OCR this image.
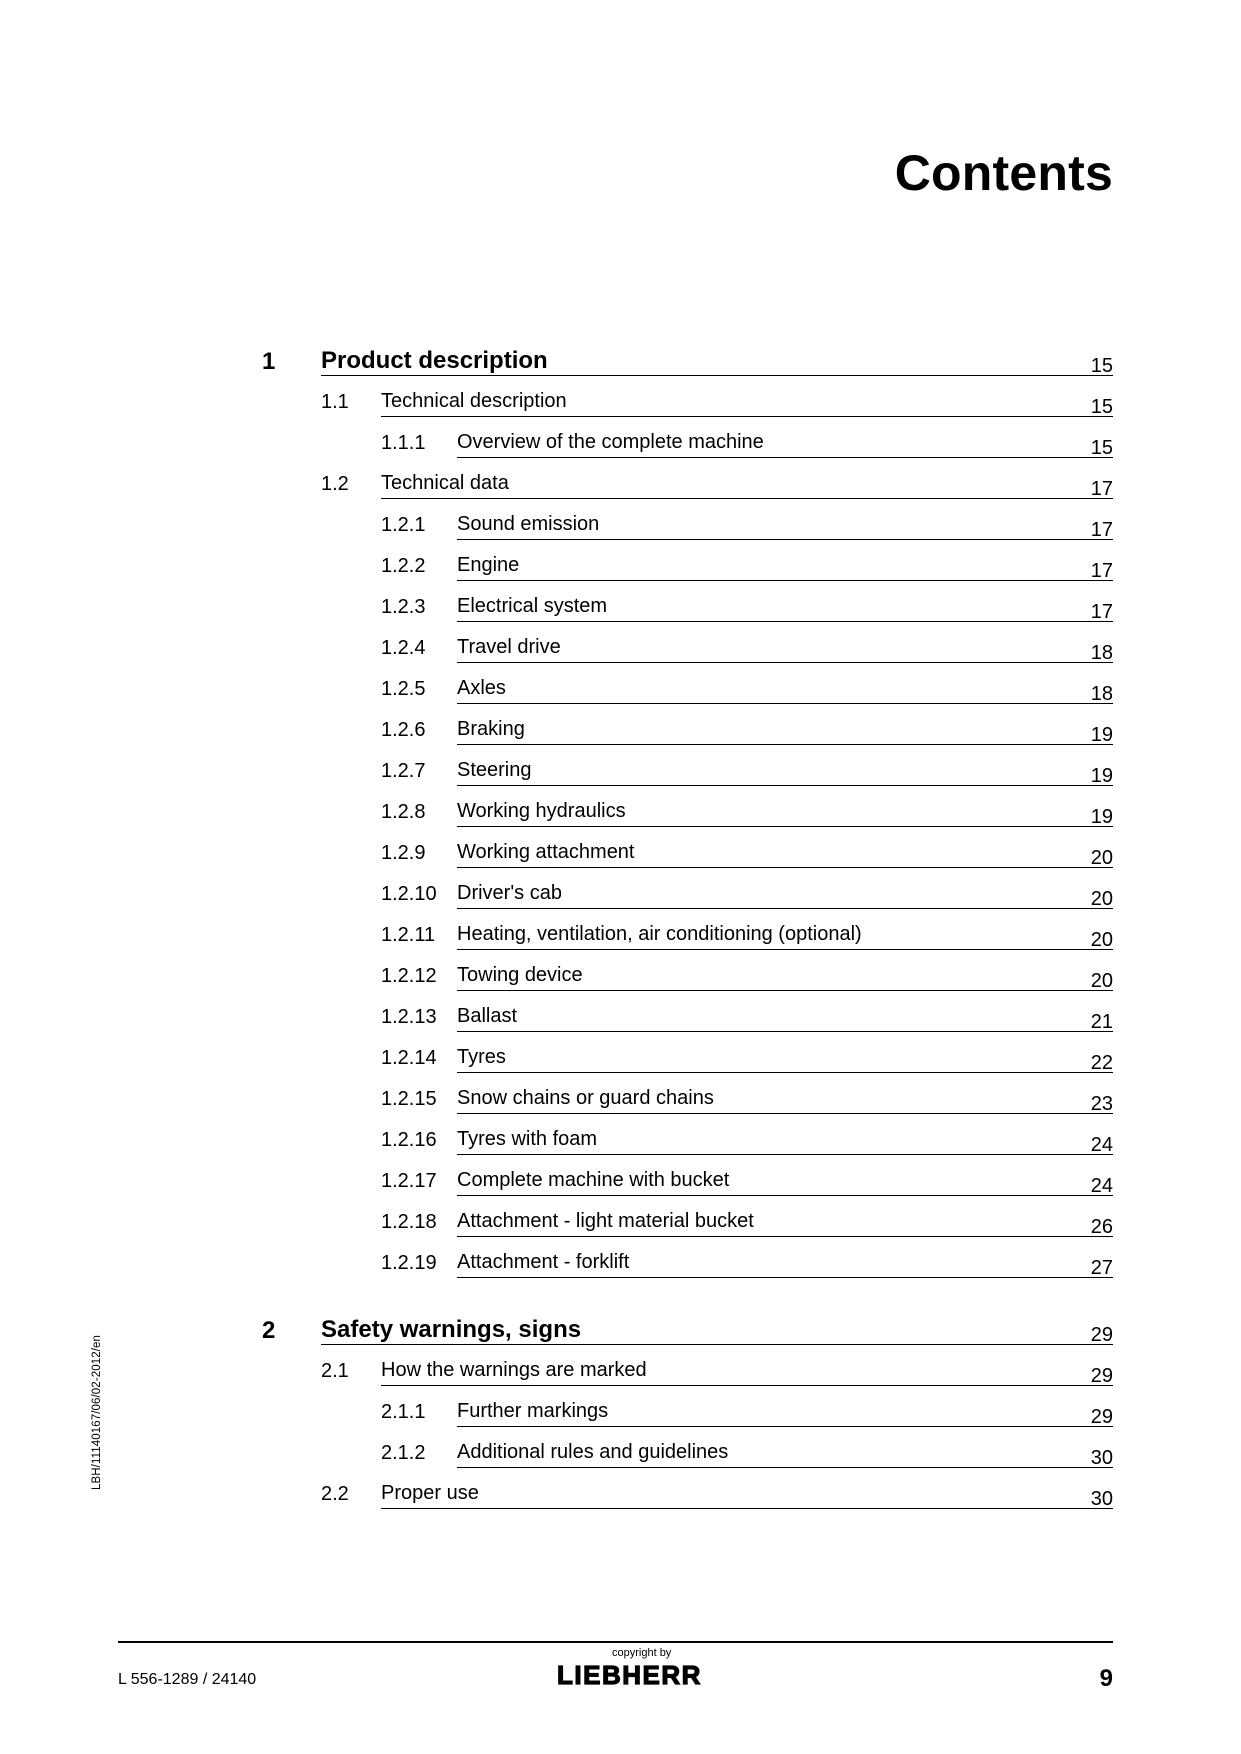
Contents
1 Product description	15
1.1 Technical description	15
1.1.1 Overview of the complete machine	15
1.2 Technical data	17
1.2.1 Sound emission	17
1.2.2 Engine	17
1.2.3 Electrical system	17
1.2.4 Travel drive	18
1.2.5 Axles	18
1.2.6 Braking	19
1.2.7 Steering	19
1.2.8 Working hydraulics	19
1.2.9 Working attachment	20
1.2.10 Driver's cab	20
1.2.11 Heating, ventilation, air conditioning (optional)	20
1.2.12 Towing device	20
1.2.13 Ballast	21
1.2.14 Tyres	22
1.2.15 Snow chains or guard chains	23
1.2.16 Tyres with foam	24
1.2.17 Complete machine with bucket	24
1.2.18 Attachment - light material bucket	26
1.2.19 Attachment - forklift	27
2 Safety warnings, signs	29
2.1 How the warnings are marked	29
2.1.1 Further markings	29
2.1.2 Additional rules and guidelines	30
2.2 Proper use	30
LBH/11140167/06/02-2012/en
L 556-1289 / 24140
copyright by
LIEBHERR	9
